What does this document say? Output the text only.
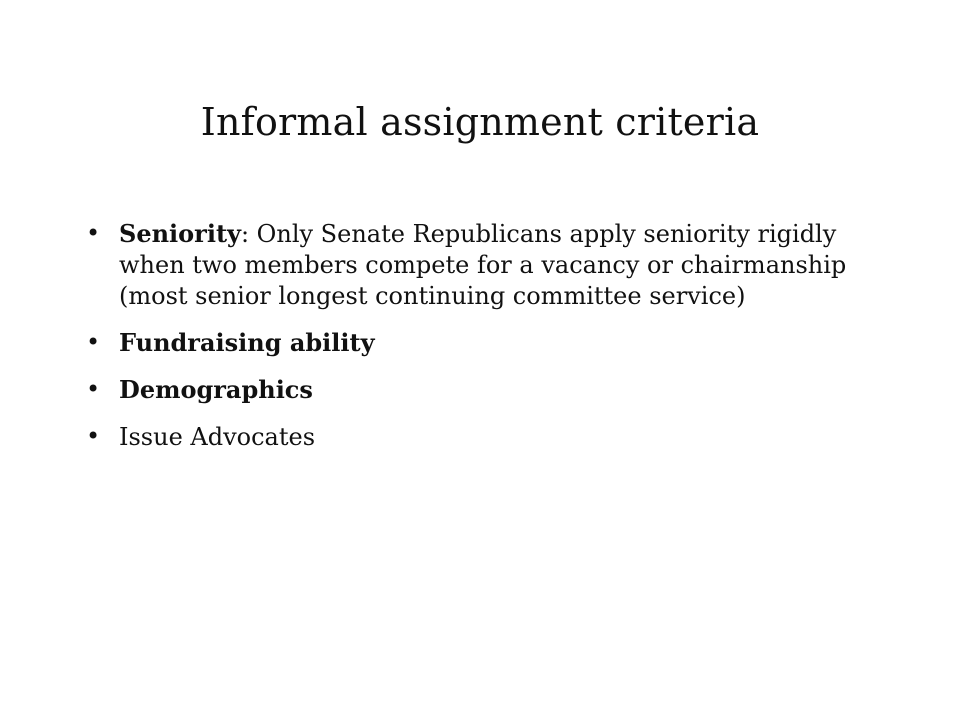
Informal assignment criteria
• Seniority: Only Senate Republicans apply seniority rigidly when two members compete for a vacancy or chairmanship (most senior longest continuing committee service)
• Fundraising ability
• Demographics
• Issue Advocates
